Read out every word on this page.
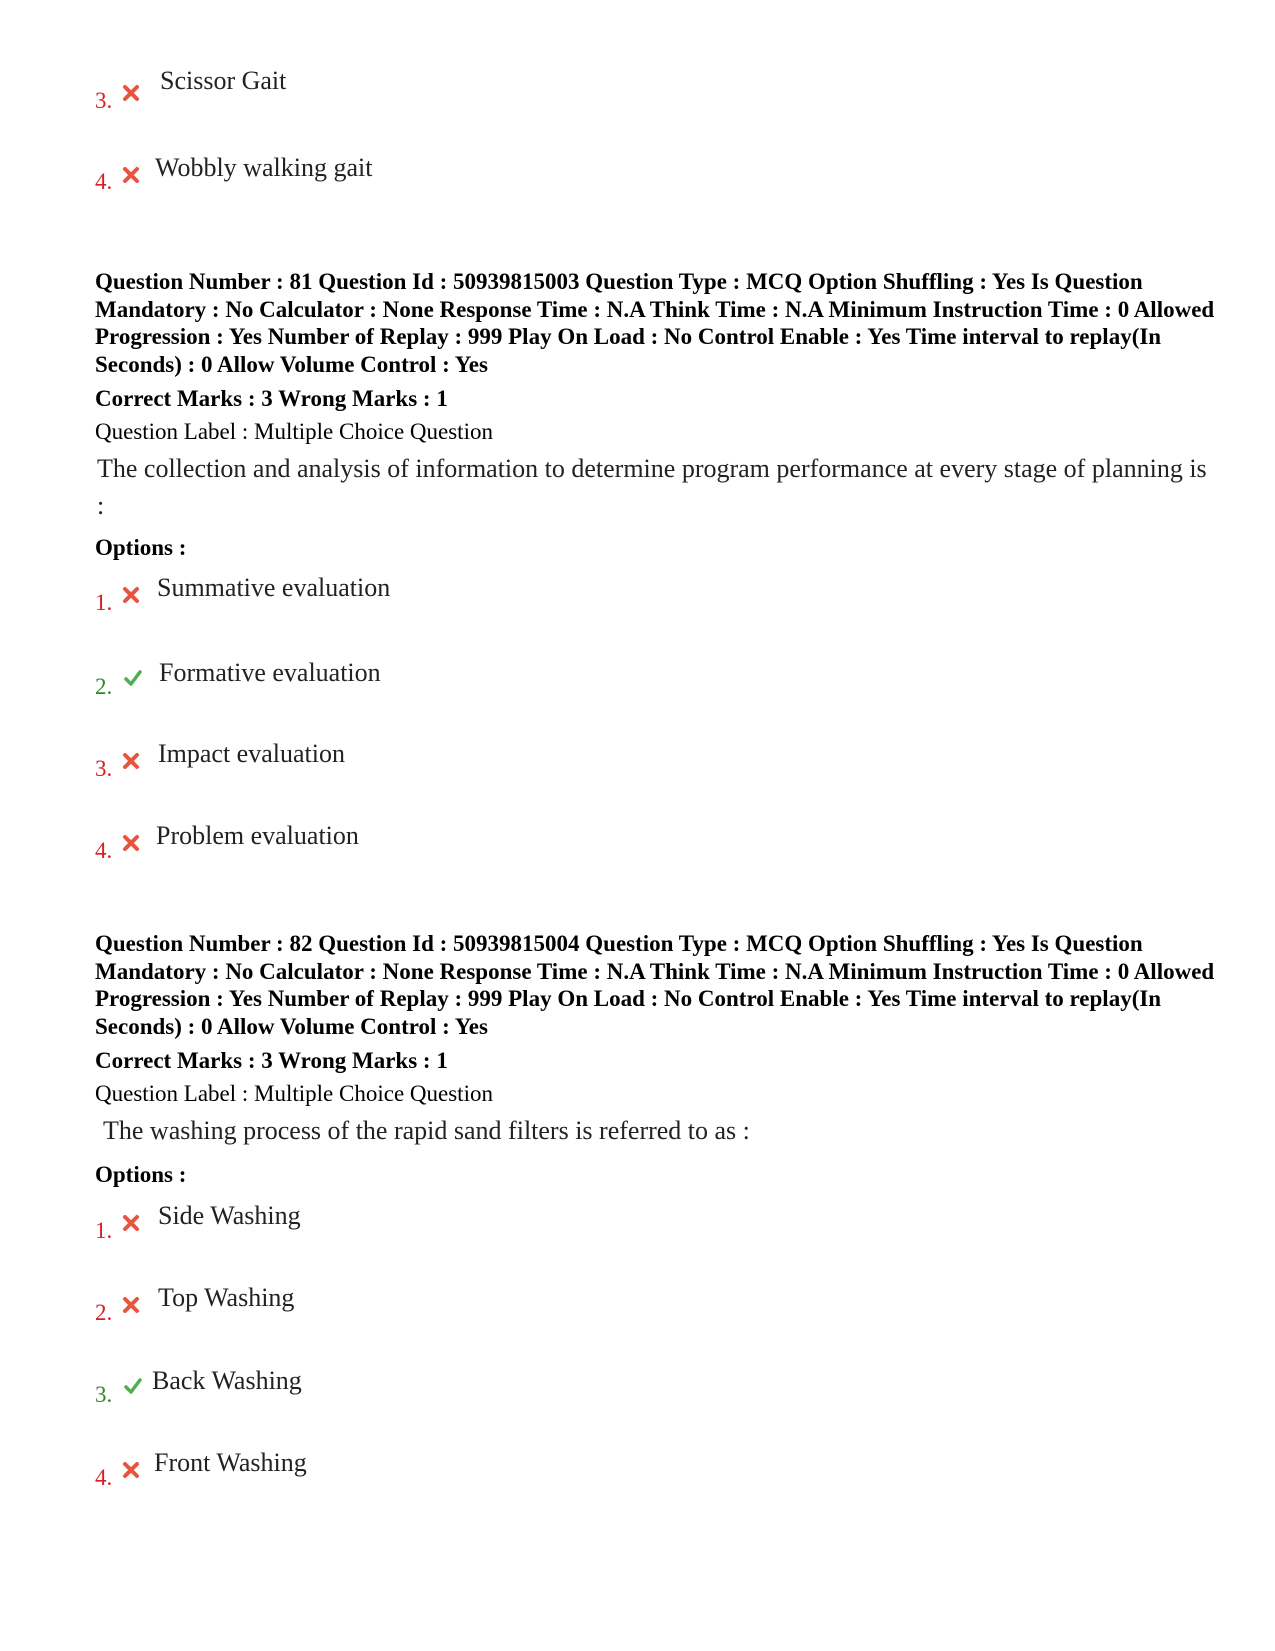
3.
Scissor Gait
4. Wobbly walking gait
Question Number : 81 Question Id : 50939815003 Question Type : MCQ Option Shuffling : Yes Is Question Mandatory : No Calculator : None Response Time : N.A Think Time : N.A Minimum Instruction Time : 0 Allowed Progression : Yes Number of Replay : 999 Play On Load : No Control Enable : Yes Time interval to replay(In Seconds) : 0 Allow Volume Control : Yes
Correct Marks : 3 Wrong Marks : 1
Question Label : Multiple Choice Question
The collection and analysis of information to determine program performance at every stage of planning is :
Options :
1.
Summative evaluation
2. Formative evaluation
3.
Impact evaluation
4.
Problem evaluation
Question Number : 82 Question Id : 50939815004 Question Type : MCQ Option Shuffling : Yes Is Question Mandatory : No Calculator : None Response Time : N.A Think Time : N.A Minimum Instruction Time : 0 Allowed Progression : Yes Number of Replay : 999 Play On Load : No Control Enable : Yes Time interval to replay(In Seconds) : 0 Allow Volume Control : Yes
Correct Marks : 3 Wrong Marks : 1
Question Label : Multiple Choice Question
The washing process of the rapid sand filters is referred to as :
Options :
1.
Side Washing
2.
Top Washing
3. Back Washing
4.
Front Washing
